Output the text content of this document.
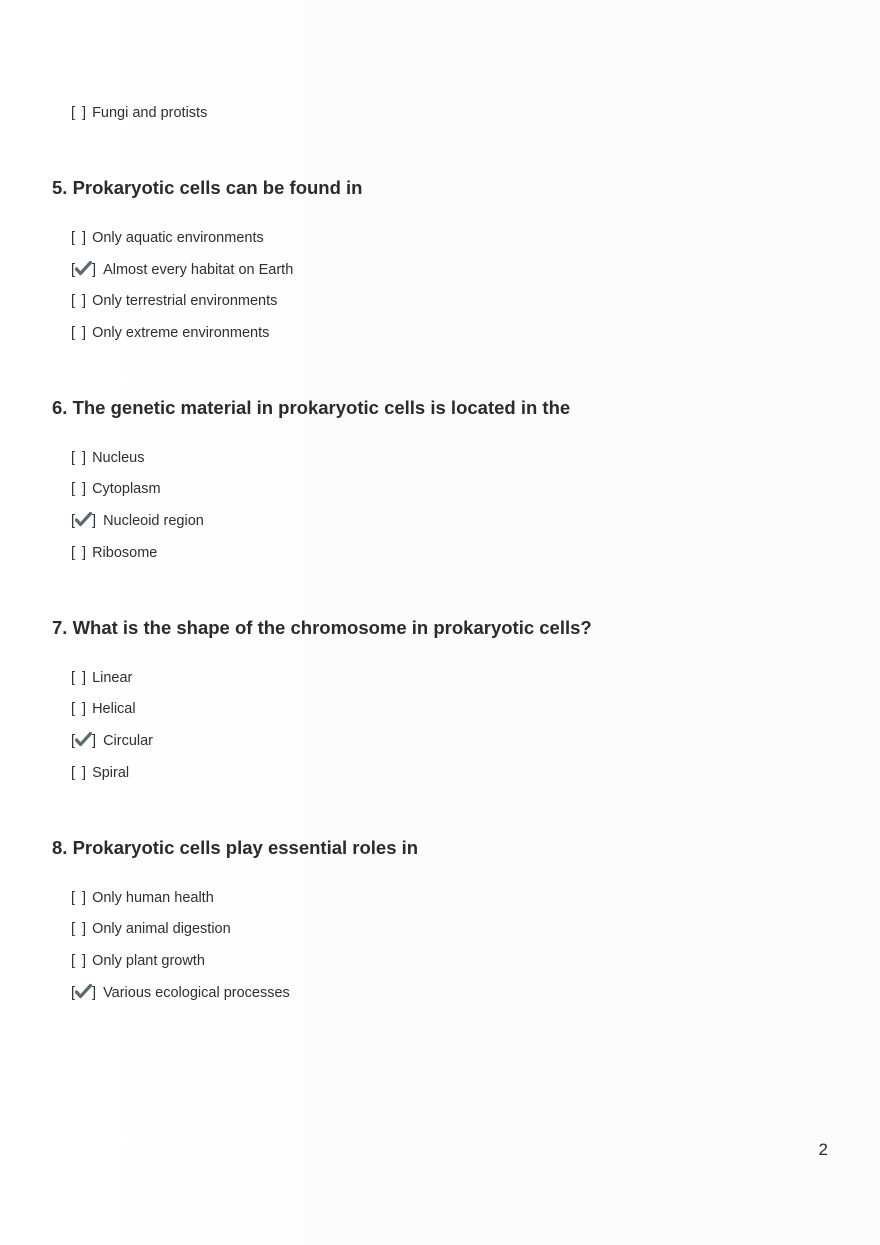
[ ] Fungi and protists
5. Prokaryotic cells can be found in
[ ] Only aquatic environments
[ ] Almost every habitat on Earth
[ ] Only terrestrial environments
[ ] Only extreme environments
6. The genetic material in prokaryotic cells is located in the
[ ] Nucleus
[ ] Cytoplasm
[ ] Nucleoid region
[ ] Ribosome
7. What is the shape of the chromosome in prokaryotic cells?
[ ] Linear
[ ] Helical
[ ] Circular
[ ] Spiral
8. Prokaryotic cells play essential roles in
[ ] Only human health
[ ] Only animal digestion
[ ] Only plant growth
[ ] Various ecological processes
2
